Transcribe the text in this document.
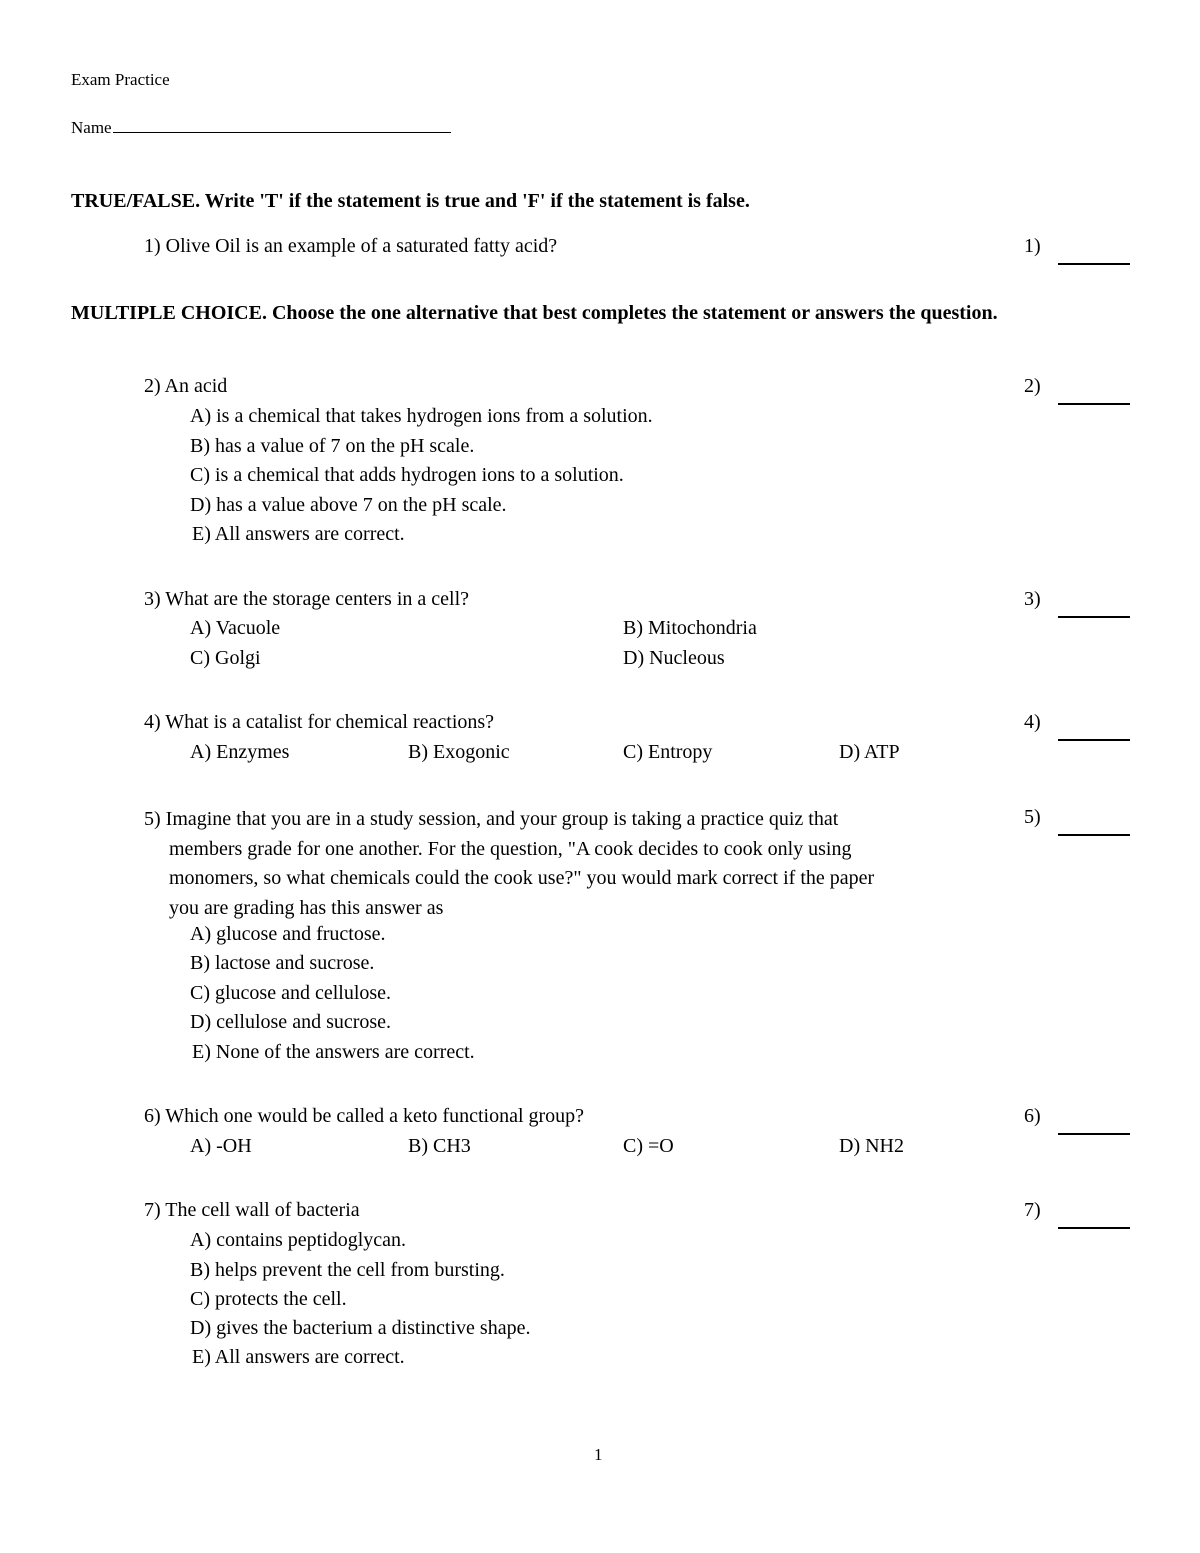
Exam Practice
Name
TRUE/FALSE. Write 'T' if the statement is true and 'F' if the statement is false.
1) Olive Oil is an example of a saturated fatty acid?	1)
MULTIPLE CHOICE. Choose the one alternative that best completes the statement or answers the question.
2) An acid	2)
A) is a chemical that takes hydrogen ions from a solution.
B) has a value of 7 on the pH scale.
C) is a chemical that adds hydrogen ions to a solution.
D) has a value above 7 on the pH scale.
E) All answers are correct.
3) What are the storage centers in a cell?	3)
A) Vacuole	B) Mitochondria
C) Golgi	D) Nucleous
4) What is a catalist for chemical reactions?	4)
A) Enzymes	B) Exogonic	C) Entropy	D) ATP
5) Imagine that you are in a study session, and your group is taking a practice quiz that
members grade for one another. For the question, "A cook decides to cook only using
monomers, so what chemicals could the cook use?" you would mark correct if the paper
you are grading has this answer as
5)
A) glucose and fructose.
B) lactose and sucrose.
C) glucose and cellulose.
D) cellulose and sucrose.
E) None of the answers are correct.
6) Which one would be called a keto functional group?	6)
A) -OH	B) CH3	C) =O	D) NH2
7) The cell wall of bacteria	7)
A) contains peptidoglycan.
B) helps prevent the cell from bursting.
C) protects the cell.
D) gives the bacterium a distinctive shape.
E) All answers are correct.
1
